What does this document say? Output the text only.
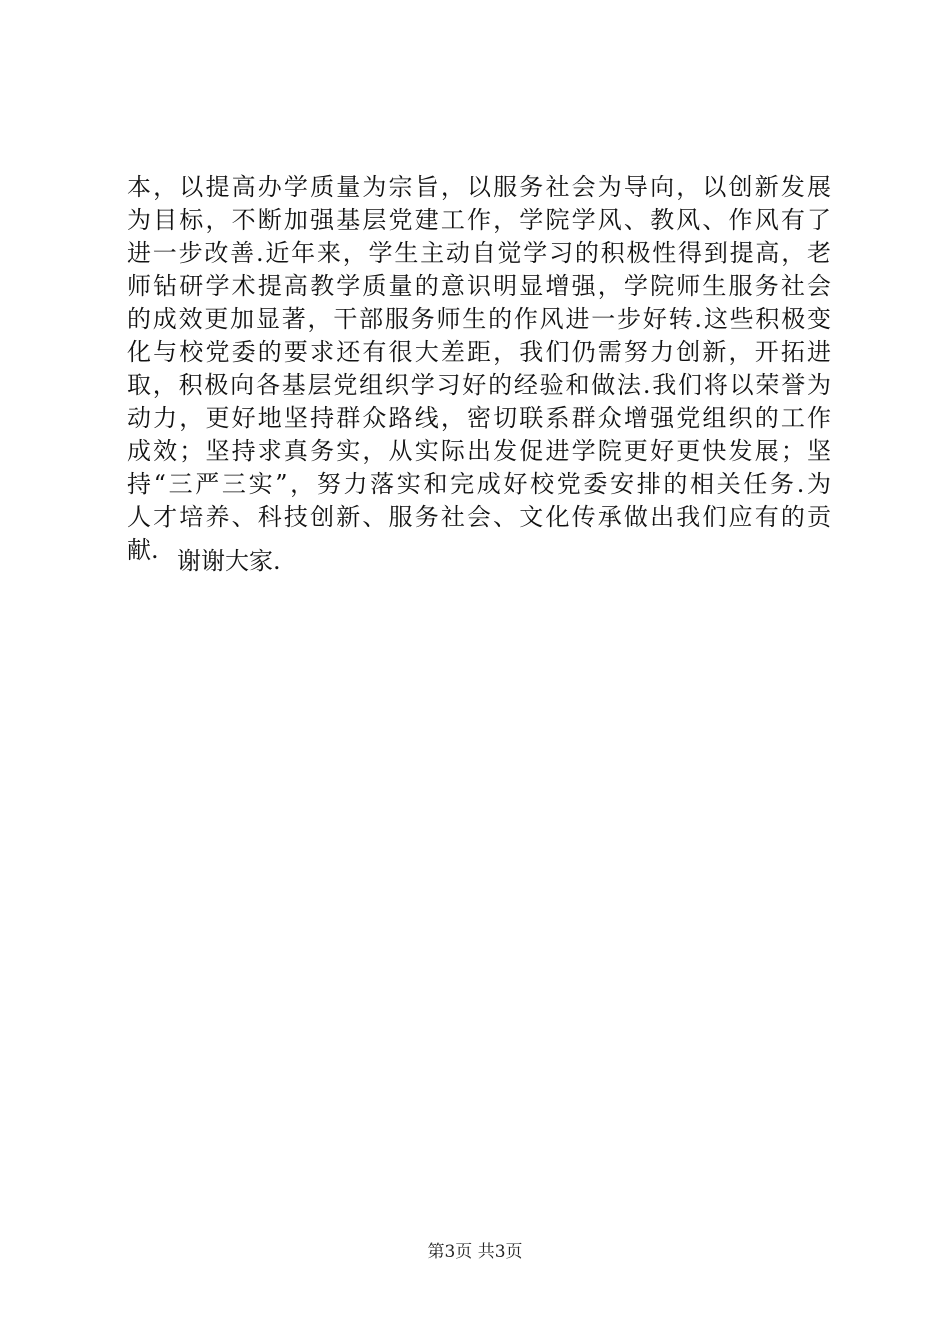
本，以提高办学质量为宗旨，以服务社会为导向，以创新发展
为目标，不断加强基层党建工作，学院学风、教风、作风有了
进一步改善.近年来，学生主动自觉学习的积极性得到提高，老
师钻研学术提高教学质量的意识明显增强，学院师生服务社会
的成效更加显著，干部服务师生的作风进一步好转.这些积极变
化与校党委的要求还有很大差距，我们仍需努力创新，开拓进
取，积极向各基层党组织学习好的经验和做法.我们将以荣誉为
动力，更好地坚持群众路线，密切联系群众增强党组织的工作
成效；坚持求真务实，从实际出发促进学院更好更快发展；坚
持“三严三实”，努力落实和完成好校党委安排的相关任务.为
人才培养、科技创新、服务社会、文化传承做出我们应有的贡
献. 谢谢大家.
第3页 共3页
